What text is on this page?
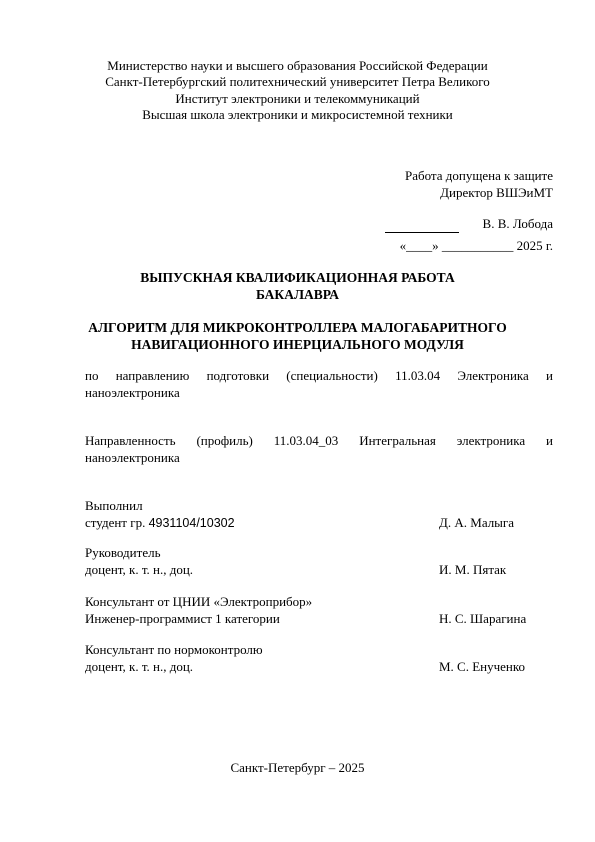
Министерство науки и высшего образования Российской Федерации
Санкт-Петербургский политехнический университет Петра Великого
Институт электроники и телекоммуникаций
Высшая школа электроники и микросистемной техники
Работа допущена к защите
Директор ВШЭиМТ
В. В. Лобода
«____» ___________ 2025 г.
ВЫПУСКНАЯ КВАЛИФИКАЦИОННАЯ РАБОТА
БАКАЛАВРА
АЛГОРИТМ ДЛЯ МИКРОКОНТРОЛЛЕРА МАЛОГАБАРИТНОГО
НАВИГАЦИОННОГО ИНЕРЦИАЛЬНОГО МОДУЛЯ
по направлению подготовки (специальности) 11.03.04 Электроника и
наноэлектроника
Направленность (профиль) 11.03.04_03 Интегральная электроника и
наноэлектроника
Выполнил
студент гр. 4931104/10302	Д. А. Малыга
Руководитель
доцент, к. т. н., доц.	И. М. Пятак
Консультант от ЦНИИ «Электроприбор»
Инженер-программист 1 категории	Н. С. Шарагина
Консультант по нормоконтролю
доцент, к. т. н., доц.	М. С. Енученко
Санкт-Петербург – 2025
